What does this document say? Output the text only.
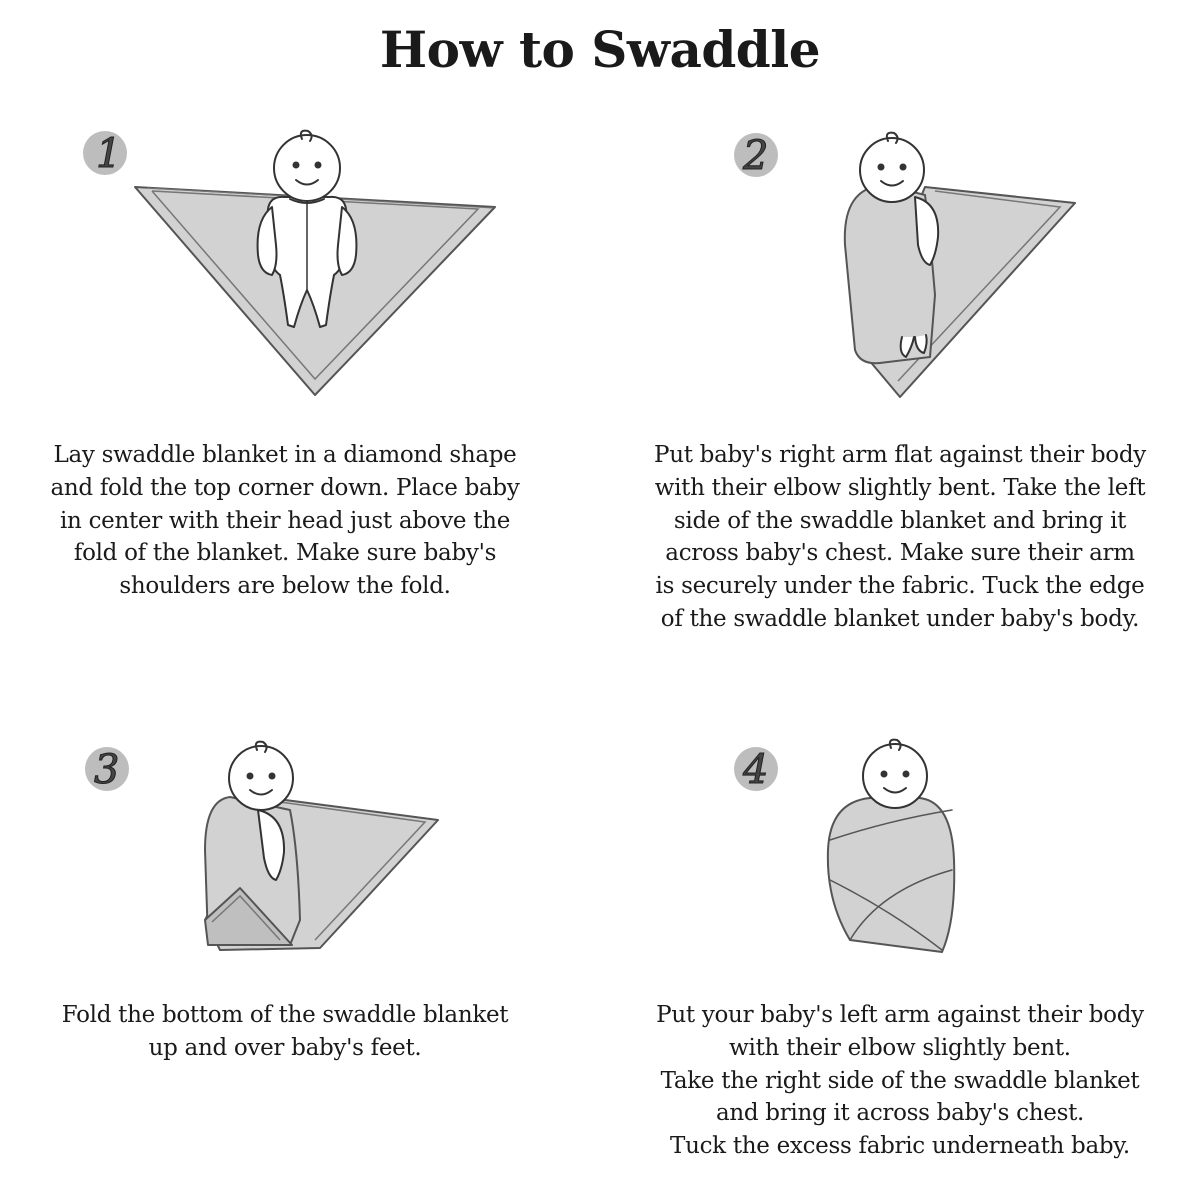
How to Swaddle
1	2
3	4
Lay swaddle blanket in a diamond shape
and fold the top corner down. Place baby
in center with their head just above the
fold of the blanket. Make sure baby's
shoulders are below the fold.
Put baby's right arm flat against their body
with their elbow slightly bent. Take the left
side of the swaddle blanket and bring it
across baby's chest. Make sure their arm
is securely under the fabric. Tuck the edge
of the swaddle blanket under baby's body.
Fold the bottom of the swaddle blanket
up and over baby's feet.
Put your baby's left arm against their body
with their elbow slightly bent.
Take the right side of the swaddle blanket
and bring it across baby's chest.
Tuck the excess fabric underneath baby.
